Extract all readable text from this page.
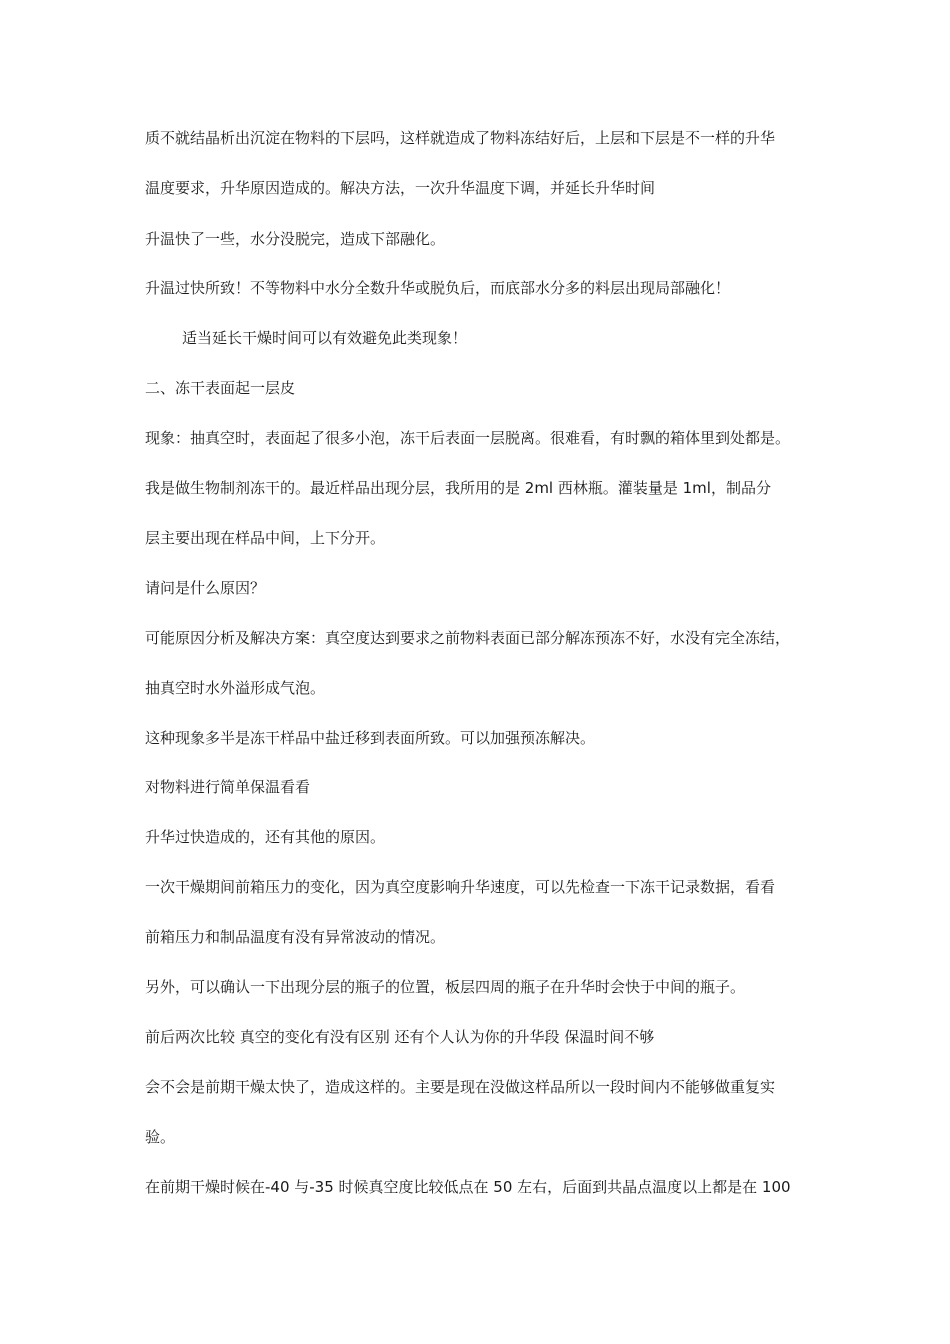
质不就结晶析出沉淀在物料的下层吗，这样就造成了物料冻结好后，上层和下层是不一样的升华
温度要求，升华原因造成的。解决方法，一次升华温度下调，并延长升华时间
升温快了一些，水分没脱完，造成下部融化。
升温过快所致！不等物料中水分全数升华或脱负后，而底部水分多的料层出现局部融化！
适当延长干燥时间可以有效避免此类现象！
二、冻干表面起一层皮
现象：抽真空时，表面起了很多小泡，冻干后表面一层脱离。很难看，有时飘的箱体里到处都是。
我是做生物制剂冻干的。最近样品出现分层，我所用的是 2ml 西林瓶。灌装量是 1ml，制品分
层主要出现在样品中间，上下分开。
请问是什么原因？
可能原因分析及解决方案：真空度达到要求之前物料表面已部分解冻预冻不好，水没有完全冻结，
抽真空时水外溢形成气泡。
这种现象多半是冻干样品中盐迁移到表面所致。可以加强预冻解决。
对物料进行简单保温看看
升华过快造成的，还有其他的原因。
一次干燥期间前箱压力的变化，因为真空度影响升华速度，可以先检查一下冻干记录数据，看看
前箱压力和制品温度有没有异常波动的情况。
另外，可以确认一下出现分层的瓶子的位置，板层四周的瓶子在升华时会快于中间的瓶子。
前后两次比较 真空的变化有没有区别 还有个人认为你的升华段 保温时间不够
会不会是前期干燥太快了，造成这样的。主要是现在没做这样品所以一段时间内不能够做重复实
验。
在前期干燥时候在-40 与-35 时候真空度比较低点在 50 左右，后面到共晶点温度以上都是在 100
